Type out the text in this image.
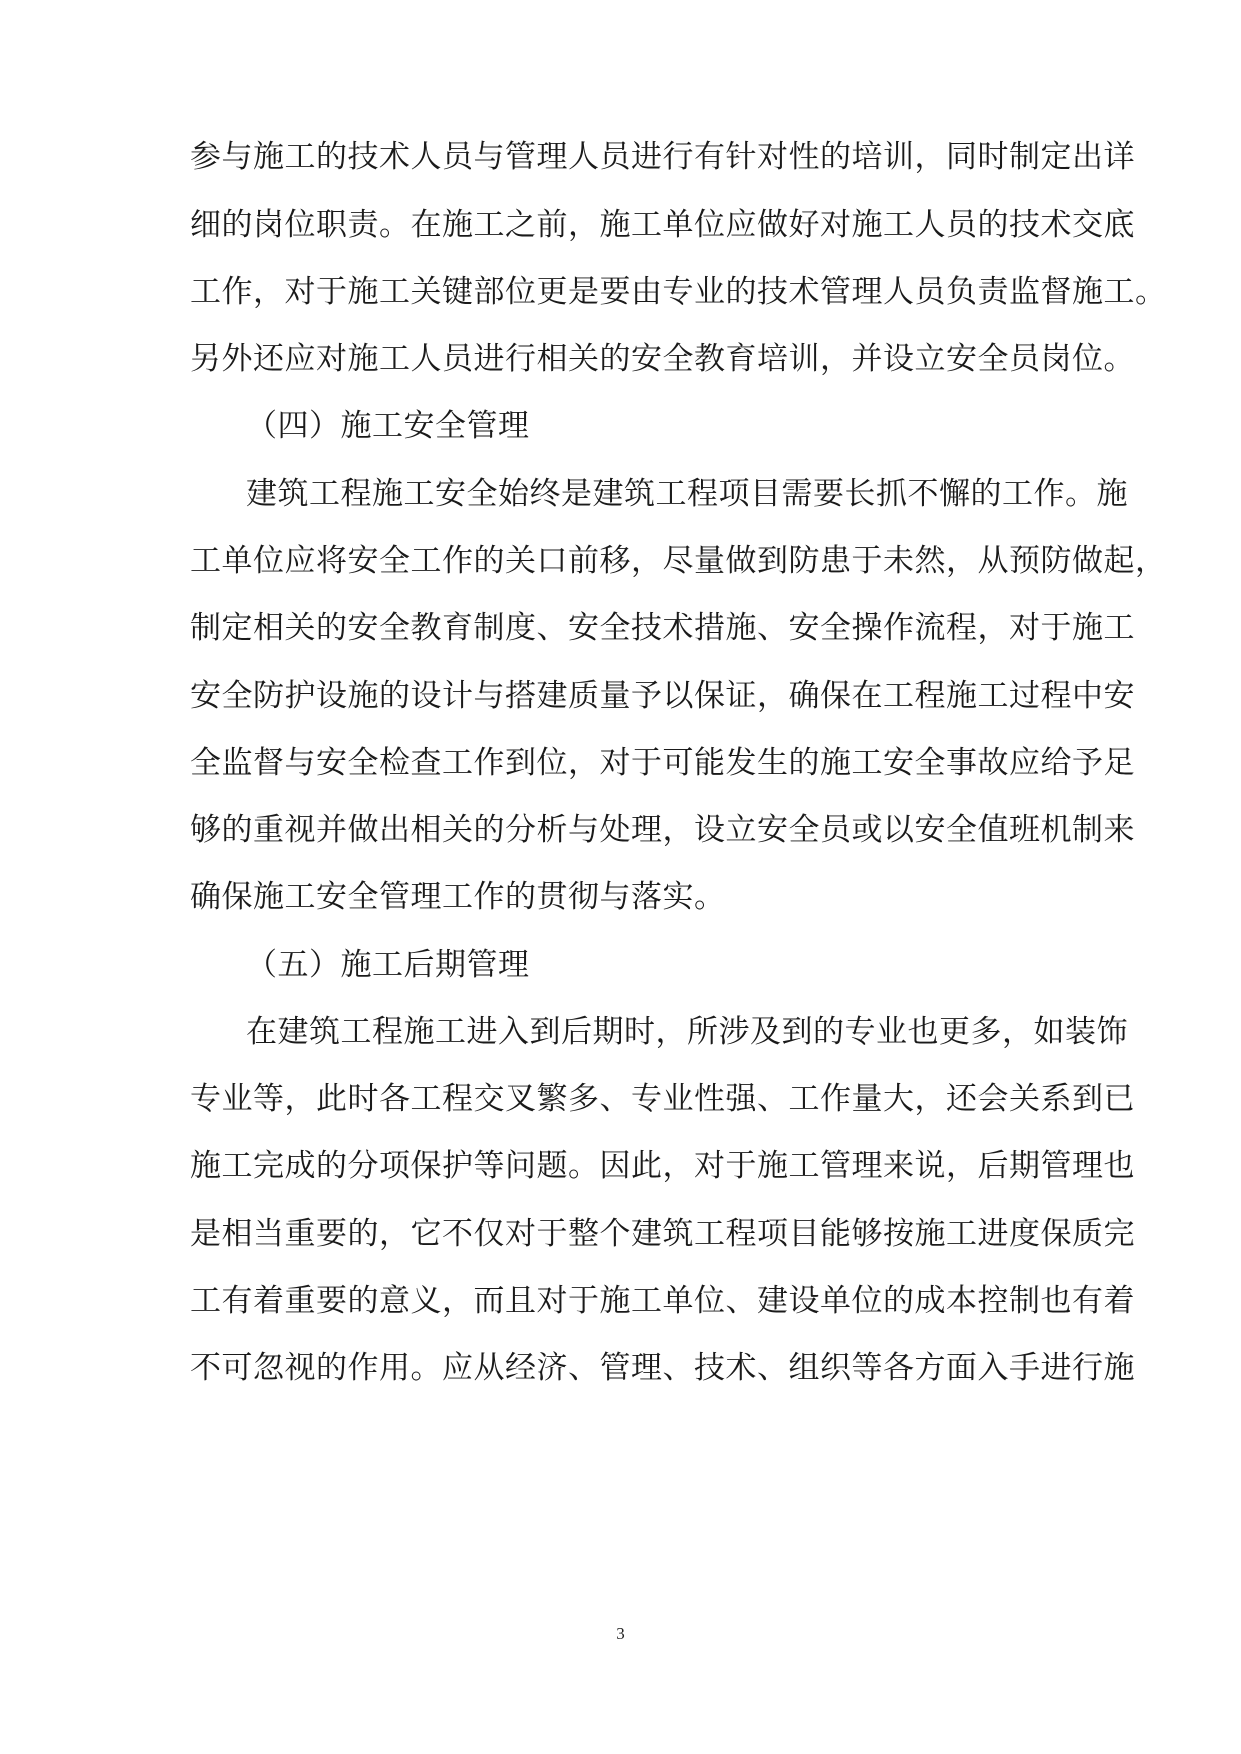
参与施工的技术人员与管理人员进行有针对性的培训，同时制定出详
细的岗位职责。在施工之前，施工单位应做好对施工人员的技术交底
工作，对于施工关键部位更是要由专业的技术管理人员负责监督施工。
另外还应对施工人员进行相关的安全教育培训，并设立安全员岗位。
（四）施工安全管理
建筑工程施工安全始终是建筑工程项目需要长抓不懈的工作。施
工单位应将安全工作的关口前移，尽量做到防患于未然，从预防做起，
制定相关的安全教育制度、安全技术措施、安全操作流程，对于施工
安全防护设施的设计与搭建质量予以保证，确保在工程施工过程中安
全监督与安全检查工作到位，对于可能发生的施工安全事故应给予足
够的重视并做出相关的分析与处理，设立安全员或以安全值班机制来
确保施工安全管理工作的贯彻与落实。
（五）施工后期管理
在建筑工程施工进入到后期时，所涉及到的专业也更多，如装饰
专业等，此时各工程交叉繁多、专业性强、工作量大，还会关系到已
施工完成的分项保护等问题。因此，对于施工管理来说，后期管理也
是相当重要的，它不仅对于整个建筑工程项目能够按施工进度保质完
工有着重要的意义，而且对于施工单位、建设单位的成本控制也有着
不可忽视的作用。应从经济、管理、技术、组织等各方面入手进行施
3
